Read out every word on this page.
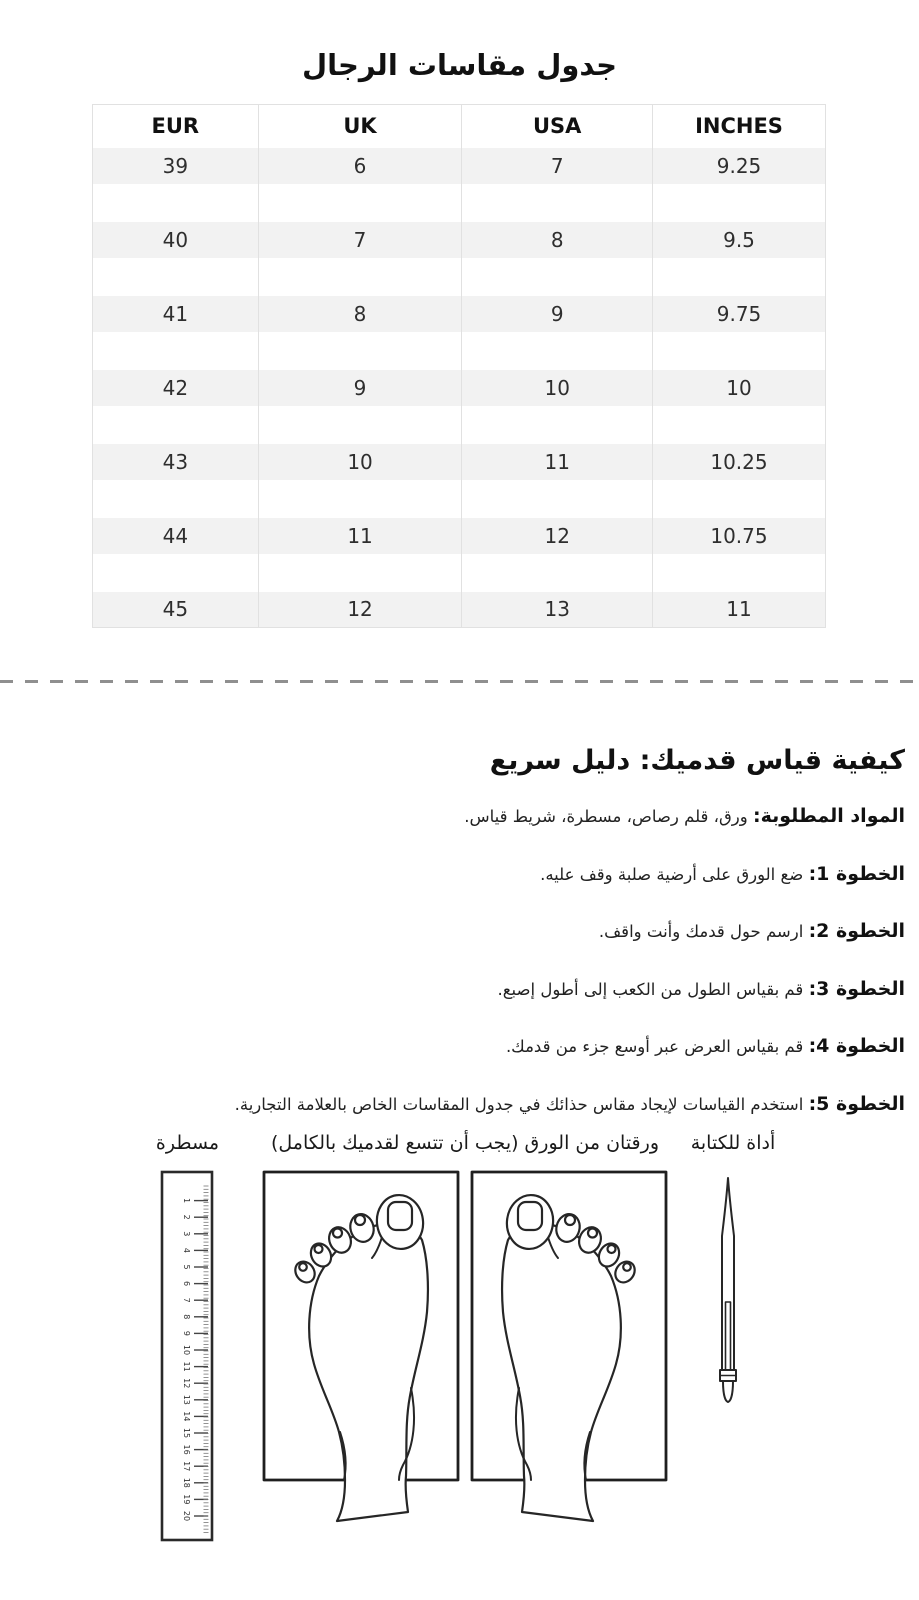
جدول مقاسات الرجال
EUR	UK	USA	INCHES
39	6	7	9.25

40	7	8	9.5

41	8	9	9.75

42	9	10	10

43	10	11	10.25

44	11	12	10.75

45	12	13	11
كيفية قياس قدميك: دليل سريع

المواد المطلوبة: ورق، قلم رصاص، مسطرة، شريط قياس.

الخطوة 1: ضع الورق على أرضية صلبة وقف عليه.

الخطوة 2: ارسم حول قدمك وأنت واقف.

الخطوة 3: قم بقياس الطول من الكعب إلى أطول إصبع.

الخطوة 4: قم بقياس العرض عبر أوسع جزء من قدمك.

الخطوة 5: استخدم القياسات لإيجاد مقاس حذائك في جدول المقاسات الخاص بالعلامة التجارية.

مسطرة	ورقتان من الورق (يجب أن تتسع لقدميك بالكامل)	أداة للكتابة
1
2
3
4
5
6
7
8
9
10
11
12
13
14
15
16
17
18
19
20
